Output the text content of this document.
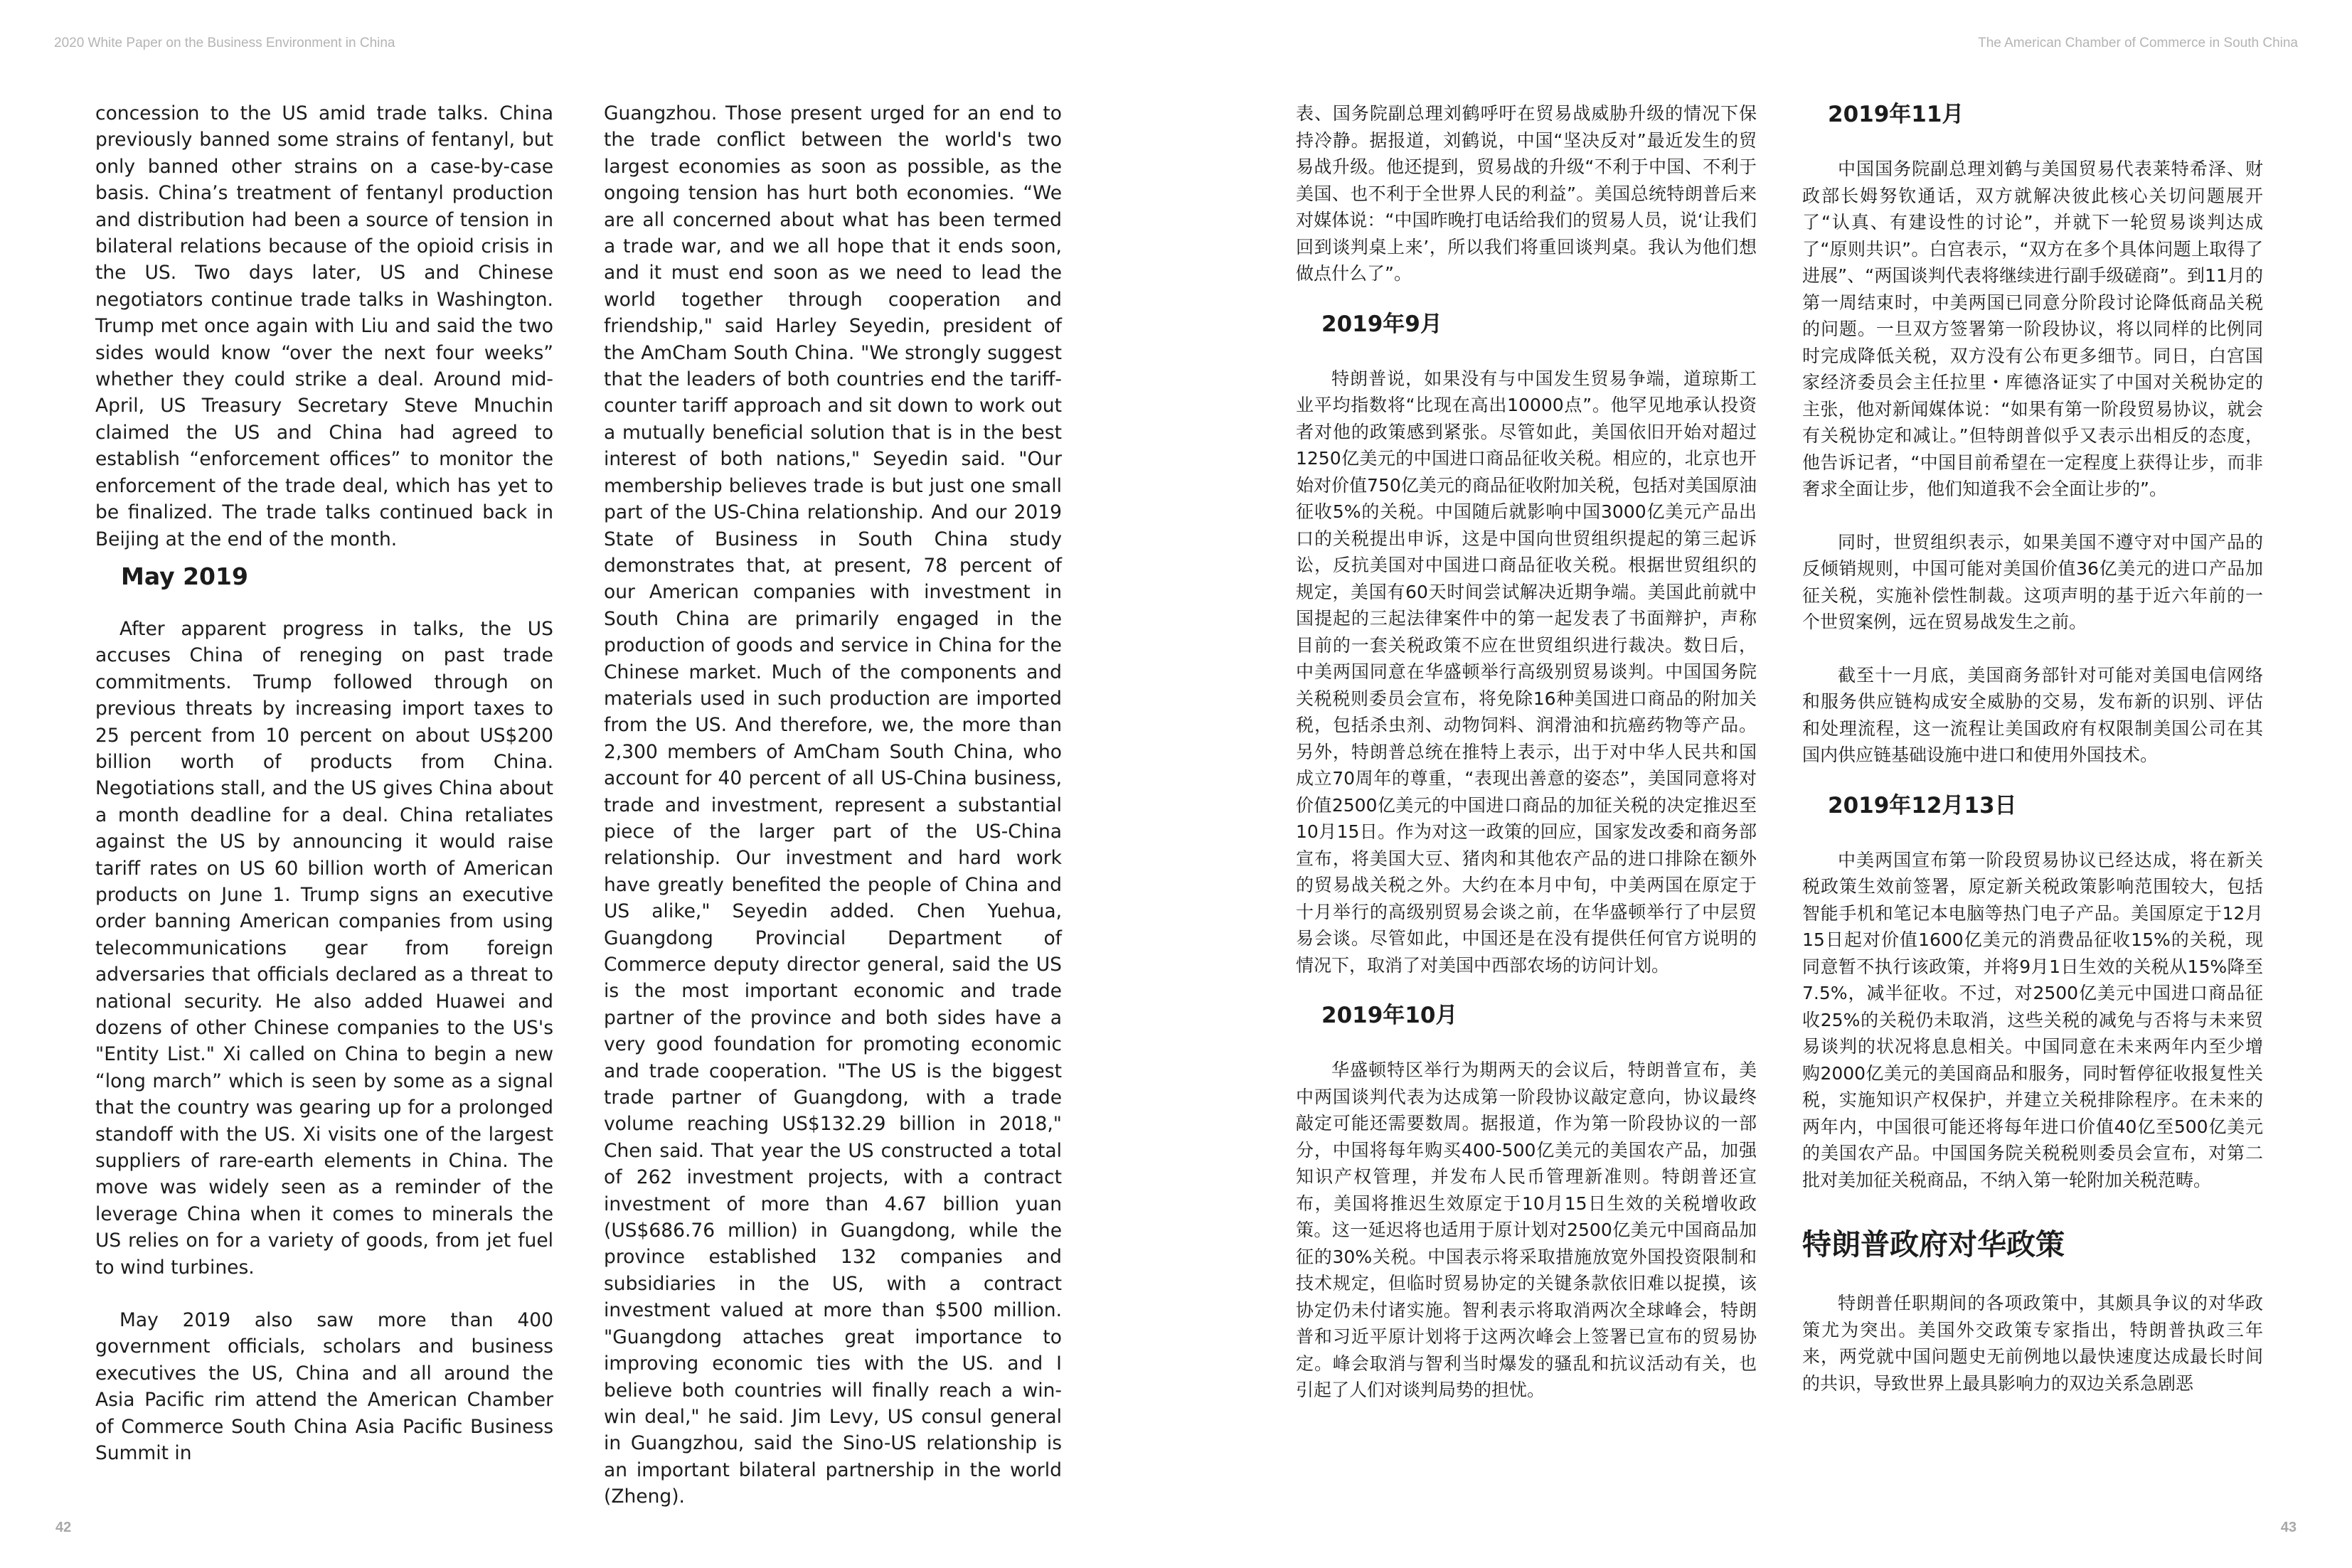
2020 White Paper on the Business Environment in China	The American Chamber of Commerce in South China

concession to the US amid trade talks. China previously banned some strains of fentanyl, but only banned other strains on a case-by-case basis. China’s treatment of fentanyl production and distribution had been a source of tension in bilateral relations because of the opioid crisis in the US. Two days later, US and Chinese negotiators continue trade talks in Washington. Trump met once again with Liu and said the two sides would know “over the next four weeks” whether they could strike a deal. Around mid-April, US Treasury Secretary Steve Mnuchin claimed the US and China had agreed to establish “enforcement offices” to monitor the enforcement of the trade deal, which has yet to be finalized. The trade talks continued back in Beijing at the end of the month.

May 2019

After apparent progress in talks, the US accuses China of reneging on past trade commitments. Trump followed through on previous threats by increasing import taxes to 25 percent from 10 percent on about US$200 billion worth of products from China. Negotiations stall, and the US gives China about a month deadline for a deal. China retaliates against the US by announcing it would raise tariff rates on US 60 billion worth of American products on June 1. Trump signs an executive order banning American companies from using telecommunications gear from foreign adversaries that officials declared as a threat to national security. He also added Huawei and dozens of other Chinese companies to the US's "Entity List." Xi called on China to begin a new “long march” which is seen by some as a signal that the country was gearing up for a prolonged standoff with the US. Xi visits one of the largest suppliers of rare-earth elements in China. The move was widely seen as a reminder of the leverage China when it comes to minerals the US relies on for a variety of goods, from jet fuel to wind turbines.

May 2019 also saw more than 400 government officials, scholars and business executives the US, China and all around the Asia Pacific rim attend the American Chamber of Commerce South China Asia Pacific Business Summit in

Guangzhou. Those present urged for an end to the trade conflict between the world's two largest economies as soon as possible, as the ongoing tension has hurt both economies. “We are all concerned about what has been termed a trade war, and we all hope that it ends soon, and it must end soon as we need to lead the world together through cooperation and friendship," said Harley Seyedin, president of the AmCham South China. "We strongly suggest that the leaders of both countries end the tariff-counter tariff approach and sit down to work out a mutually beneficial solution that is in the best interest of both nations," Seyedin said. "Our membership believes trade is but just one small part of the US-China relationship. And our 2019 State of Business in South China study demonstrates that, at present, 78 percent of our American companies with investment in South China are primarily engaged in the production of goods and service in China for the Chinese market. Much of the components and materials used in such production are imported from the US. And therefore, we, the more than 2,300 members of AmCham South China, who account for 40 percent of all US-China business, trade and investment, represent a substantial piece of the larger part of the US-China relationship. Our investment and hard work have greatly benefited the people of China and US alike," Seyedin added. Chen Yuehua, Guangdong Provincial Department of Commerce deputy director general, said the US is the most important economic and trade partner of the province and both sides have a very good foundation for promoting economic and trade cooperation. "The US is the biggest trade partner of Guangdong, with a trade volume reaching US$132.29 billion in 2018," Chen said. That year the US constructed a total of 262 investment projects, with a contract investment of more than 4.67 billion yuan (US$686.76 million) in Guangdong, while the province established 132 companies and subsidiaries in the US, with a contract investment valued at more than $500 million. "Guangdong attaches great importance to improving economic ties with the US. and I believe both countries will finally reach a win-win deal," he said. Jim Levy, US consul general in Guangzhou, said the Sino-US relationship is an important bilateral partnership in the world (Zheng).

表、国务院副总理刘鹤呼吁在贸易战威胁升级的情况下保持冷静。据报道，刘鹤说，中国“坚决反对”最近发生的贸易战升级。他还提到，贸易战的升级“不利于中国、不利于美国、也不利于全世界人民的利益”。美国总统特朗普后来对媒体说：“中国昨晚打电话给我们的贸易人员，说‘让我们回到谈判桌上来’，所以我们将重回谈判桌。我认为他们想做点什么了”。

2019年9月

特朗普说，如果没有与中国发生贸易争端，道琼斯工业平均指数将“比现在高出10000点”。他罕见地承认投资者对他的政策感到紧张。尽管如此，美国依旧开始对超过1250亿美元的中国进口商品征收关税。相应的，北京也开始对价值750亿美元的商品征收附加关税，包括对美国原油征收5%的关税。中国随后就影响中国3000亿美元产品出口的关税提出申诉，这是中国向世贸组织提起的第三起诉讼，反抗美国对中国进口商品征收关税。根据世贸组织的规定，美国有60天时间尝试解决近期争端。美国此前就中国提起的三起法律案件中的第一起发表了书面辩护，声称目前的一套关税政策不应在世贸组织进行裁决。数日后，中美两国同意在华盛顿举行高级别贸易谈判。中国国务院关税税则委员会宣布，将免除16种美国进口商品的附加关税，包括杀虫剂、动物饲料、润滑油和抗癌药物等产品。另外，特朗普总统在推特上表示，出于对中华人民共和国成立70周年的尊重，“表现出善意的姿态”，美国同意将对价值2500亿美元的中国进口商品的加征关税的决定推迟至10月15日。作为对这一政策的回应，国家发改委和商务部宣布，将美国大豆、猪肉和其他农产品的进口排除在额外的贸易战关税之外。大约在本月中旬，中美两国在原定于十月举行的高级别贸易会谈之前，在华盛顿举行了中层贸易会谈。尽管如此，中国还是在没有提供任何官方说明的情况下，取消了对美国中西部农场的访问计划。

2019年10月

华盛顿特区举行为期两天的会议后，特朗普宣布，美中两国谈判代表为达成第一阶段协议敲定意向，协议最终敲定可能还需要数周。据报道，作为第一阶段协议的一部分，中国将每年购买400-500亿美元的美国农产品，加强知识产权管理，并发布人民币管理新准则。特朗普还宣布，美国将推迟生效原定于10月15日生效的关税增收政策。这一延迟将也适用于原计划对2500亿美元中国商品加征的30%关税。中国表示将采取措施放宽外国投资限制和技术规定，但临时贸易协定的关键条款依旧难以捉摸，该协定仍未付诸实施。智利表示将取消两次全球峰会，特朗普和习近平原计划将于这两次峰会上签署已宣布的贸易协定。峰会取消与智利当时爆发的骚乱和抗议活动有关，也引起了人们对谈判局势的担忧。

2019年11月

中国国务院副总理刘鹤与美国贸易代表莱特希泽、财政部长姆努钦通话，双方就解决彼此核心关切问题展开了“认真、有建设性的讨论”，并就下一轮贸易谈判达成了“原则共识”。白宫表示，“双方在多个具体问题上取得了进展”、“两国谈判代表将继续进行副手级磋商”。到11月的第一周结束时，中美两国已同意分阶段讨论降低商品关税的问题。一旦双方签署第一阶段协议，将以同样的比例同时完成降低关税，双方没有公布更多细节。同日，白宫国家经济委员会主任拉里・库德洛证实了中国对关税协定的主张，他对新闻媒体说：“如果有第一阶段贸易协议，就会有关税协定和减让。”但特朗普似乎又表示出相反的态度，他告诉记者，“中国目前希望在一定程度上获得让步，而非奢求全面让步，他们知道我不会全面让步的”。

同时，世贸组织表示，如果美国不遵守对中国产品的反倾销规则，中国可能对美国价值36亿美元的进口产品加征关税，实施补偿性制裁。这项声明的基于近六年前的一个世贸案例，远在贸易战发生之前。

截至十一月底，美国商务部针对可能对美国电信网络和服务供应链构成安全威胁的交易，发布新的识别、评估和处理流程，这一流程让美国政府有权限制美国公司在其国内供应链基础设施中进口和使用外国技术。

2019年12月13日

中美两国宣布第一阶段贸易协议已经达成，将在新关税政策生效前签署，原定新关税政策影响范围较大，包括智能手机和笔记本电脑等热门电子产品。美国原定于12月15日起对价值1600亿美元的消费品征收15%的关税，现同意暂不执行该政策，并将9月1日生效的关税从15%降至7.5%，减半征收。不过，对2500亿美元中国进口商品征收25%的关税仍未取消，这些关税的减免与否将与未来贸易谈判的状况将息息相关。中国同意在未来两年内至少增购2000亿美元的美国商品和服务，同时暂停征收报复性关税，实施知识产权保护，并建立关税排除程序。在未来的两年内，中国很可能还将每年进口价值40亿至500亿美元的美国农产品。中国国务院关税税则委员会宣布，对第二批对美加征关税商品，不纳入第一轮附加关税范畴。

特朗普政府对华政策

特朗普任职期间的各项政策中，其颇具争议的对华政策尤为突出。美国外交政策专家指出，特朗普执政三年来，两党就中国问题史无前例地以最快速度达成最长时间的共识，导致世界上最具影响力的双边关系急剧恶

42	43
